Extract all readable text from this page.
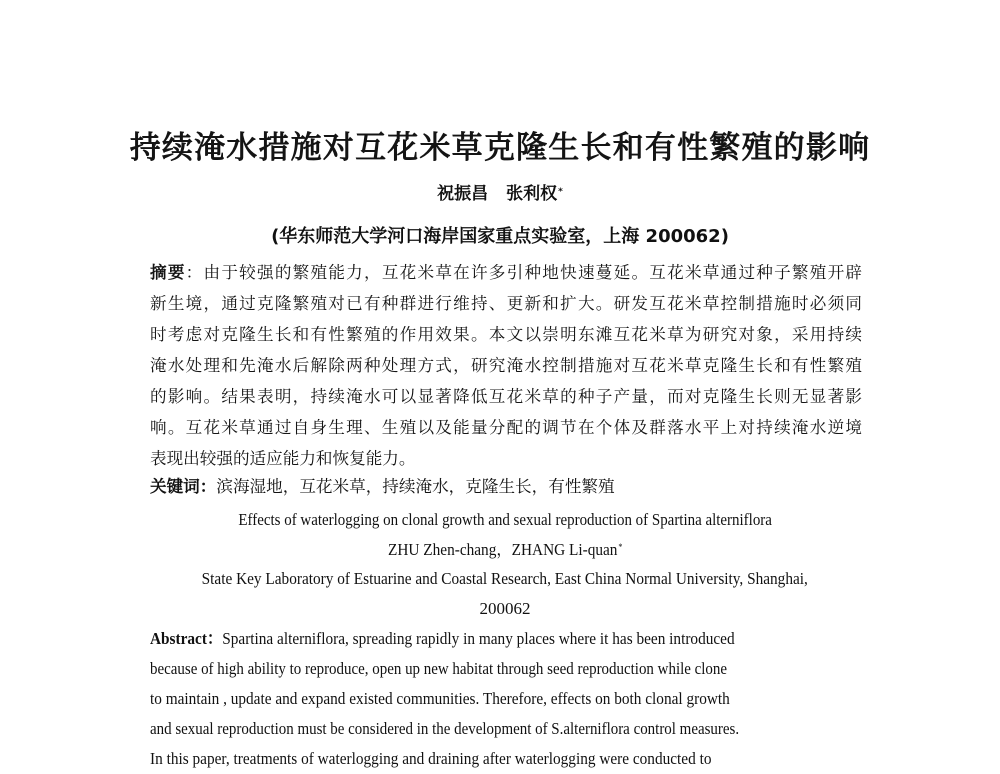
持续淹水措施对互花米草克隆生长和有性繁殖的影响
祝振昌 张利权*
(华东师范大学河口海岸国家重点实验室，上海 200062)
摘要：由于较强的繁殖能力，互花米草在许多引种地快速蔓延。互花米草通过种子繁殖开辟
新生境，通过克隆繁殖对已有种群进行维持、更新和扩大。研发互花米草控制措施时必须同
时考虑对克隆生长和有性繁殖的作用效果。本文以崇明东滩互花米草为研究对象，采用持续
淹水处理和先淹水后解除两种处理方式，研究淹水控制措施对互花米草克隆生长和有性繁殖
的影响。结果表明，持续淹水可以显著降低互花米草的种子产量，而对克隆生长则无显著影
响。互花米草通过自身生理、生殖以及能量分配的调节在个体及群落水平上对持续淹水逆境
表现出较强的适应能力和恢复能力。
关键词：滨海湿地，互花米草，持续淹水，克隆生长，有性繁殖
Effects of waterlogging on clonal growth and sexual reproduction of Spartina alterniflora
ZHU Zhen-chang，ZHANG Li-quan*
State Key Laboratory of Estuarine and Coastal Research, East China Normal University, Shanghai,
200062
Abstract：Spartina alterniflora, spreading rapidly in many places where it has been introduced
because of high ability to reproduce, open up new habitat through seed reproduction while clone
to maintain , update and expand existed communities. Therefore, effects on both clonal growth
and sexual reproduction must be considered in the development of S.alterniflora control measures.
In this paper, treatments of waterlogging and draining after waterlogging were conducted to
